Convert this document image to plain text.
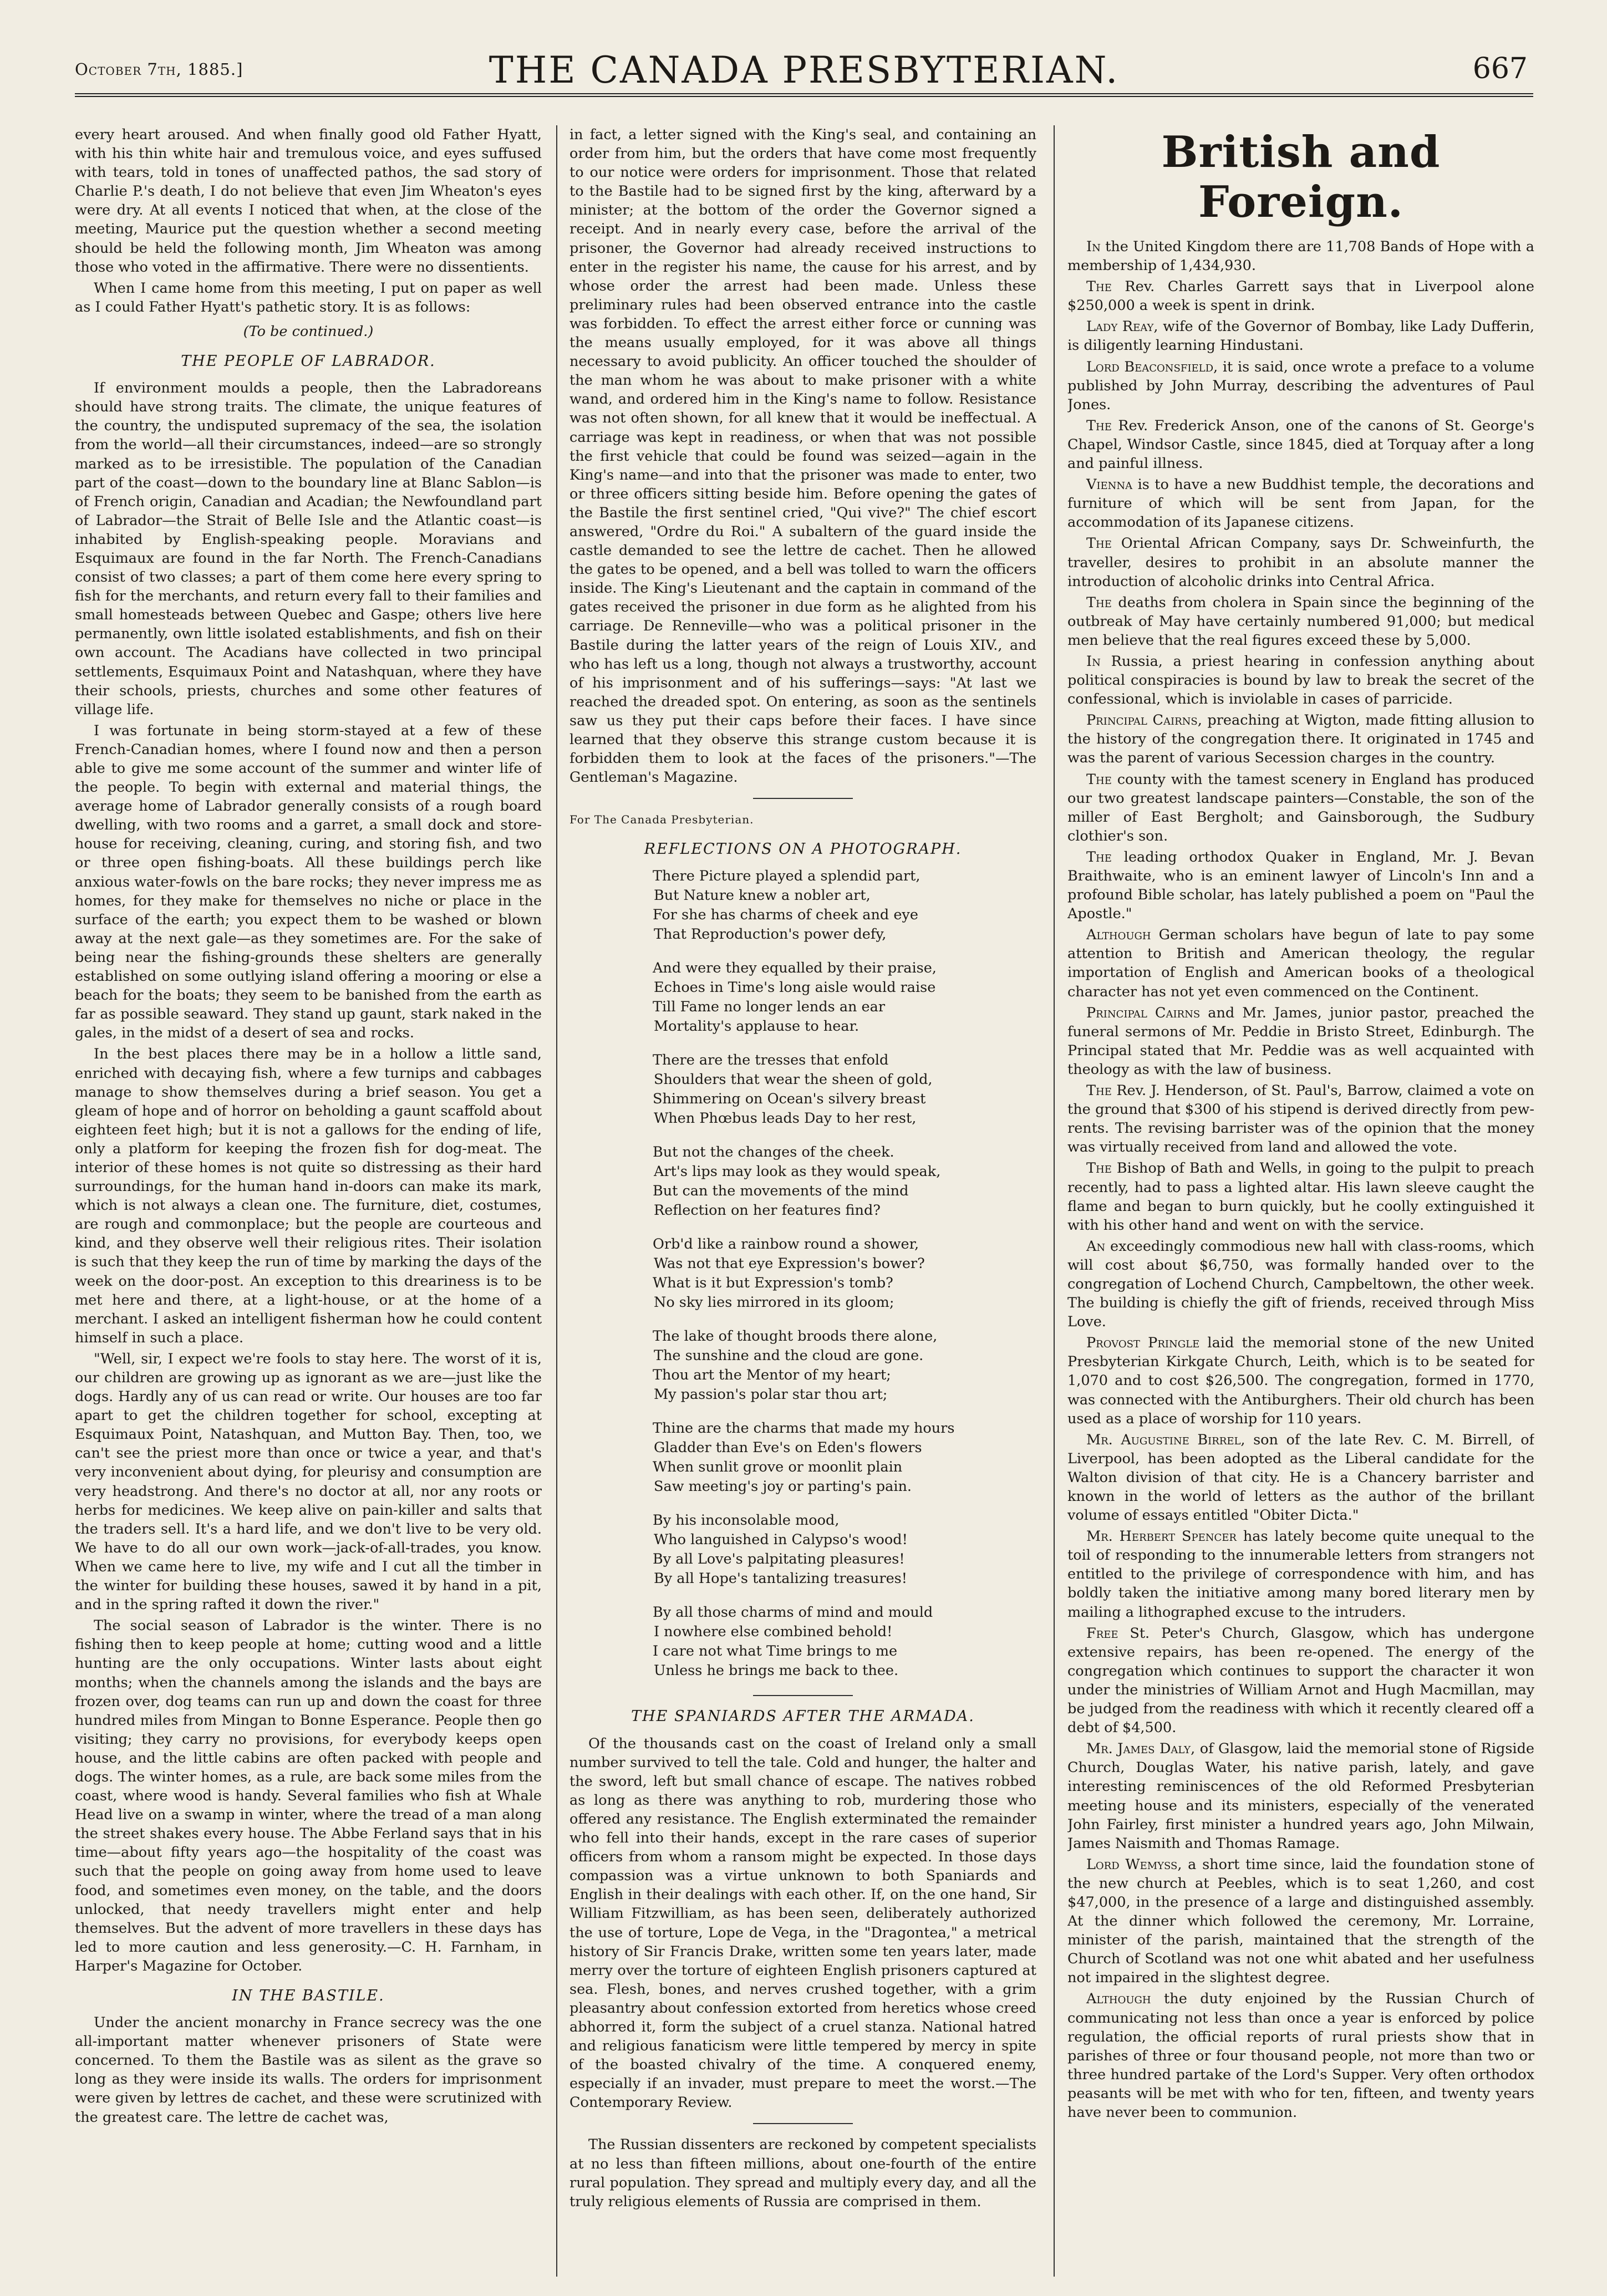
October 7th, 1885.]	THE CANADA PRESBYTERIAN.	667

every heart aroused. And when finally good old Father Hyatt, with his thin white hair and tremulous voice, and eyes suffused with tears, told in tones of unaffected pathos, the sad story of Charlie P.'s death, I do not believe that even Jim Wheaton's eyes were dry. At all events I noticed that when, at the close of the meeting, Maurice put the question whether a second meeting should be held the following month, Jim Wheaton was among those who voted in the affirmative. There were no dissentients.

When I came home from this meeting, I put on paper as well as I could Father Hyatt's pathetic story. It is as follows:

(To be continued.)
THE PEOPLE OF LABRADOR.

If environment moulds a people, then the Labradoreans should have strong traits. The climate, the unique features of the country, the undisputed supremacy of the sea, the isolation from the world—all their circumstances, indeed—are so strongly marked as to be irresistible. The population of the Canadian part of the coast—down to the boundary line at Blanc Sablon—is of French origin, Canadian and Acadian; the Newfoundland part of Labrador—the Strait of Belle Isle and the Atlantic coast—is inhabited by English-speaking people. Moravians and Esquimaux are found in the far North. The French-Canadians consist of two classes; a part of them come here every spring to fish for the merchants, and return every fall to their families and small homesteads between Quebec and Gaspe; others live here permanently, own little isolated establishments, and fish on their own account. The Acadians have collected in two principal settlements, Esquimaux Point and Natashquan, where they have their schools, priests, churches and some other features of village life.

I was fortunate in being storm-stayed at a few of these French-Canadian homes, where I found now and then a person able to give me some account of the summer and winter life of the people. To begin with external and material things, the average home of Labrador generally consists of a rough board dwelling, with two rooms and a garret, a small dock and store-house for receiving, cleaning, curing, and storing fish, and two or three open fishing-boats. All these buildings perch like anxious water-fowls on the bare rocks; they never impress me as homes, for they make for themselves no niche or place in the surface of the earth; you expect them to be washed or blown away at the next gale—as they sometimes are. For the sake of being near the fishing-grounds these shelters are generally established on some outlying island offering a mooring or else a beach for the boats; they seem to be banished from the earth as far as possible seaward. They stand up gaunt, stark naked in the gales, in the midst of a desert of sea and rocks.

In the best places there may be in a hollow a little sand, enriched with decaying fish, where a few turnips and cabbages manage to show themselves during a brief season. You get a gleam of hope and of horror on beholding a gaunt scaffold about eighteen feet high; but it is not a gallows for the ending of life, only a platform for keeping the frozen fish for dog-meat. The interior of these homes is not quite so distressing as their hard surroundings, for the human hand in-doors can make its mark, which is not always a clean one. The furniture, diet, costumes, are rough and commonplace; but the people are courteous and kind, and they observe well their religious rites. Their isolation is such that they keep the run of time by marking the days of the week on the door-post. An exception to this dreariness is to be met here and there, at a light-house, or at the home of a merchant. I asked an intelligent fisherman how he could content himself in such a place.

"Well, sir, I expect we're fools to stay here. The worst of it is, our children are growing up as ignorant as we are—just like the dogs. Hardly any of us can read or write. Our houses are too far apart to get the children together for school, excepting at Esquimaux Point, Natashquan, and Mutton Bay. Then, too, we can't see the priest more than once or twice a year, and that's very inconvenient about dying, for pleurisy and consumption are very headstrong. And there's no doctor at all, nor any roots or herbs for medicines. We keep alive on pain-killer and salts that the traders sell. It's a hard life, and we don't live to be very old. We have to do all our own work—jack-of-all-trades, you know. When we came here to live, my wife and I cut all the timber in the winter for building these houses, sawed it by hand in a pit, and in the spring rafted it down the river."

The social season of Labrador is the winter. There is no fishing then to keep people at home; cutting wood and a little hunting are the only occupations. Winter lasts about eight months; when the channels among the islands and the bays are frozen over, dog teams can run up and down the coast for three hundred miles from Mingan to Bonne Esperance. People then go visiting; they carry no provisions, for everybody keeps open house, and the little cabins are often packed with people and dogs. The winter homes, as a rule, are back some miles from the coast, where wood is handy. Several families who fish at Whale Head live on a swamp in winter, where the tread of a man along the street shakes every house. The Abbe Ferland says that in his time—about fifty years ago—the hospitality of the coast was such that the people on going away from home used to leave food, and sometimes even money, on the table, and the doors unlocked, that needy travellers might enter and help themselves. But the advent of more travellers in these days has led to more caution and less generosity.—C. H. Farnham, in Harper's Magazine for October.

IN THE BASTILE.

Under the ancient monarchy in France secrecy was the one all-important matter whenever prisoners of State were concerned. To them the Bastile was as silent as the grave so long as they were inside its walls. The orders for imprisonment were given by lettres de cachet, and these were scrutinized with the greatest care. The lettre de cachet was,

in fact, a letter signed with the King's seal, and containing an order from him, but the orders that have come most frequently to our notice were orders for imprisonment. Those that related to the Bastile had to be signed first by the king, afterward by a minister; at the bottom of the order the Governor signed a receipt. And in nearly every case, before the arrival of the prisoner, the Governor had already received instructions to enter in the register his name, the cause for his arrest, and by whose order the arrest had been made. Unless these preliminary rules had been observed entrance into the castle was forbidden. To effect the arrest either force or cunning was the means usually employed, for it was above all things necessary to avoid publicity. An officer touched the shoulder of the man whom he was about to make prisoner with a white wand, and ordered him in the King's name to follow. Resistance was not often shown, for all knew that it would be ineffectual. A carriage was kept in readiness, or when that was not possible the first vehicle that could be found was seized—again in the King's name—and into that the prisoner was made to enter, two or three officers sitting beside him. Before opening the gates of the Bastile the first sentinel cried, "Qui vive?" The chief escort answered, "Ordre du Roi." A subaltern of the guard inside the castle demanded to see the lettre de cachet. Then he allowed the gates to be opened, and a bell was tolled to warn the officers inside. The King's Lieutenant and the captain in command of the gates received the prisoner in due form as he alighted from his carriage. De Renneville—who was a political prisoner in the Bastile during the latter years of the reign of Louis XIV., and who has left us a long, though not always a trustworthy, account of his imprisonment and of his sufferings—says: "At last we reached the dreaded spot. On entering, as soon as the sentinels saw us they put their caps before their faces. I have since learned that they observe this strange custom because it is forbidden them to look at the faces of the prisoners."—The Gentleman's Magazine.

For The Canada Presbyterian.

REFLECTIONS ON A PHOTOGRAPH.
There Picture played a splendid part,
But Nature knew a nobler art,
For she has charms of cheek and eye
That Reproduction's power defy,
And were they equalled by their praise,
Echoes in Time's long aisle would raise
Till Fame no longer lends an ear
Mortality's applause to hear.
There are the tresses that enfold
Shoulders that wear the sheen of gold,
Shimmering on Ocean's silvery breast
When Phœbus leads Day to her rest,
But not the changes of the cheek.
Art's lips may look as they would speak,
But can the movements of the mind
Reflection on her features find?
Orb'd like a rainbow round a shower,
Was not that eye Expression's bower?
What is it but Expression's tomb?
No sky lies mirrored in its gloom;
The lake of thought broods there alone,
The sunshine and the cloud are gone.
Thou art the Mentor of my heart;
My passion's polar star thou art;
Thine are the charms that made my hours
Gladder than Eve's on Eden's flowers
When sunlit grove or moonlit plain
Saw meeting's joy or parting's pain.
By his inconsolable mood,
Who languished in Calypso's wood!
By all Love's palpitating pleasures!
By all Hope's tantalizing treasures!
By all those charms of mind and mould
I nowhere else combined behold!
I care not what Time brings to me
Unless he brings me back to thee.
THE SPANIARDS AFTER THE ARMADA.

Of the thousands cast on the coast of Ireland only a small number survived to tell the tale. Cold and hunger, the halter and the sword, left but small chance of escape. The natives robbed as long as there was anything to rob, murdering those who offered any resistance. The English exterminated the remainder who fell into their hands, except in the rare cases of superior officers from whom a ransom might be expected. In those days compassion was a virtue unknown to both Spaniards and English in their dealings with each other. If, on the one hand, Sir William Fitzwilliam, as has been seen, deliberately authorized the use of torture, Lope de Vega, in the "Dragontea," a metrical history of Sir Francis Drake, written some ten years later, made merry over the torture of eighteen English prisoners captured at sea. Flesh, bones, and nerves crushed together, with a grim pleasantry about confession extorted from heretics whose creed abhorred it, form the subject of a cruel stanza. National hatred and religious fanaticism were little tempered by mercy in spite of the boasted chivalry of the time. A conquered enemy, especially if an invader, must prepare to meet the worst.—The Contemporary Review.

The Russian dissenters are reckoned by competent specialists at no less than fifteen millions, about one-fourth of the entire rural population. They spread and multiply every day, and all the truly religious elements of Russia are comprised in them.

British and Foreign.

In the United Kingdom there are 11,708 Bands of Hope with a membership of 1,434,930.

The Rev. Charles Garrett says that in Liverpool alone $250,000 a week is spent in drink.

Lady Reay, wife of the Governor of Bombay, like Lady Dufferin, is diligently learning Hindustani.

Lord Beaconsfield, it is said, once wrote a preface to a volume published by John Murray, describing the adventures of Paul Jones.

The Rev. Frederick Anson, one of the canons of St. George's Chapel, Windsor Castle, since 1845, died at Torquay after a long and painful illness.

Vienna is to have a new Buddhist temple, the decorations and furniture of which will be sent from Japan, for the accommodation of its Japanese citizens.

The Oriental African Company, says Dr. Schweinfurth, the traveller, desires to prohibit in an absolute manner the introduction of alcoholic drinks into Central Africa.

The deaths from cholera in Spain since the beginning of the outbreak of May have certainly numbered 91,000; but medical men believe that the real figures exceed these by 5,000.

In Russia, a priest hearing in confession anything about political conspiracies is bound by law to break the secret of the confessional, which is inviolable in cases of parricide.

Principal Cairns, preaching at Wigton, made fitting allusion to the history of the congregation there. It originated in 1745 and was the parent of various Secession charges in the country.

The county with the tamest scenery in England has produced our two greatest landscape painters—Constable, the son of the miller of East Bergholt; and Gainsborough, the Sudbury clothier's son.

The leading orthodox Quaker in England, Mr. J. Bevan Braithwaite, who is an eminent lawyer of Lincoln's Inn and a profound Bible scholar, has lately published a poem on "Paul the Apostle."

Although German scholars have begun of late to pay some attention to British and American theology, the regular importation of English and American books of a theological character has not yet even commenced on the Continent.

Principal Cairns and Mr. James, junior pastor, preached the funeral sermons of Mr. Peddie in Bristo Street, Edinburgh. The Principal stated that Mr. Peddie was as well acquainted with theology as with the law of business.

The Rev. J. Henderson, of St. Paul's, Barrow, claimed a vote on the ground that $300 of his stipend is derived directly from pew-rents. The revising barrister was of the opinion that the money was virtually received from land and allowed the vote.

The Bishop of Bath and Wells, in going to the pulpit to preach recently, had to pass a lighted altar. His lawn sleeve caught the flame and began to burn quickly, but he coolly extinguished it with his other hand and went on with the service.

An exceedingly commodious new hall with class-rooms, which will cost about $6,750, was formally handed over to the congregation of Lochend Church, Campbeltown, the other week. The building is chiefly the gift of friends, received through Miss Love.

Provost Pringle laid the memorial stone of the new United Presbyterian Kirkgate Church, Leith, which is to be seated for 1,070 and to cost $26,500. The congregation, formed in 1770, was connected with the Antiburghers. Their old church has been used as a place of worship for 110 years.

Mr. Augustine Birrel, son of the late Rev. C. M. Birrell, of Liverpool, has been adopted as the Liberal candidate for the Walton division of that city. He is a Chancery barrister and known in the world of letters as the author of the brillant volume of essays entitled "Obiter Dicta."

Mr. Herbert Spencer has lately become quite unequal to the toil of responding to the innumerable letters from strangers not entitled to the privilege of correspondence with him, and has boldly taken the initiative among many bored literary men by mailing a lithographed excuse to the intruders.

Free St. Peter's Church, Glasgow, which has undergone extensive repairs, has been re-opened. The energy of the congregation which continues to support the character it won under the ministries of William Arnot and Hugh Macmillan, may be judged from the readiness with which it recently cleared off a debt of $4,500.

Mr. James Daly, of Glasgow, laid the memorial stone of Rigside Church, Douglas Water, his native parish, lately, and gave interesting reminiscences of the old Reformed Presbyterian meeting house and its ministers, especially of the venerated John Fairley, first minister a hundred years ago, John Milwain, James Naismith and Thomas Ramage.

Lord Wemyss, a short time since, laid the foundation stone of the new church at Peebles, which is to seat 1,260, and cost $47,000, in the presence of a large and distinguished assembly. At the dinner which followed the ceremony, Mr. Lorraine, minister of the parish, maintained that the strength of the Church of Scotland was not one whit abated and her usefulness not impaired in the slightest degree.

Although the duty enjoined by the Russian Church of communicating not less than once a year is enforced by police regulation, the official reports of rural priests show that in parishes of three or four thousand people, not more than two or three hundred partake of the Lord's Supper. Very often orthodox peasants will be met with who for ten, fifteen, and twenty years have never been to communion.
